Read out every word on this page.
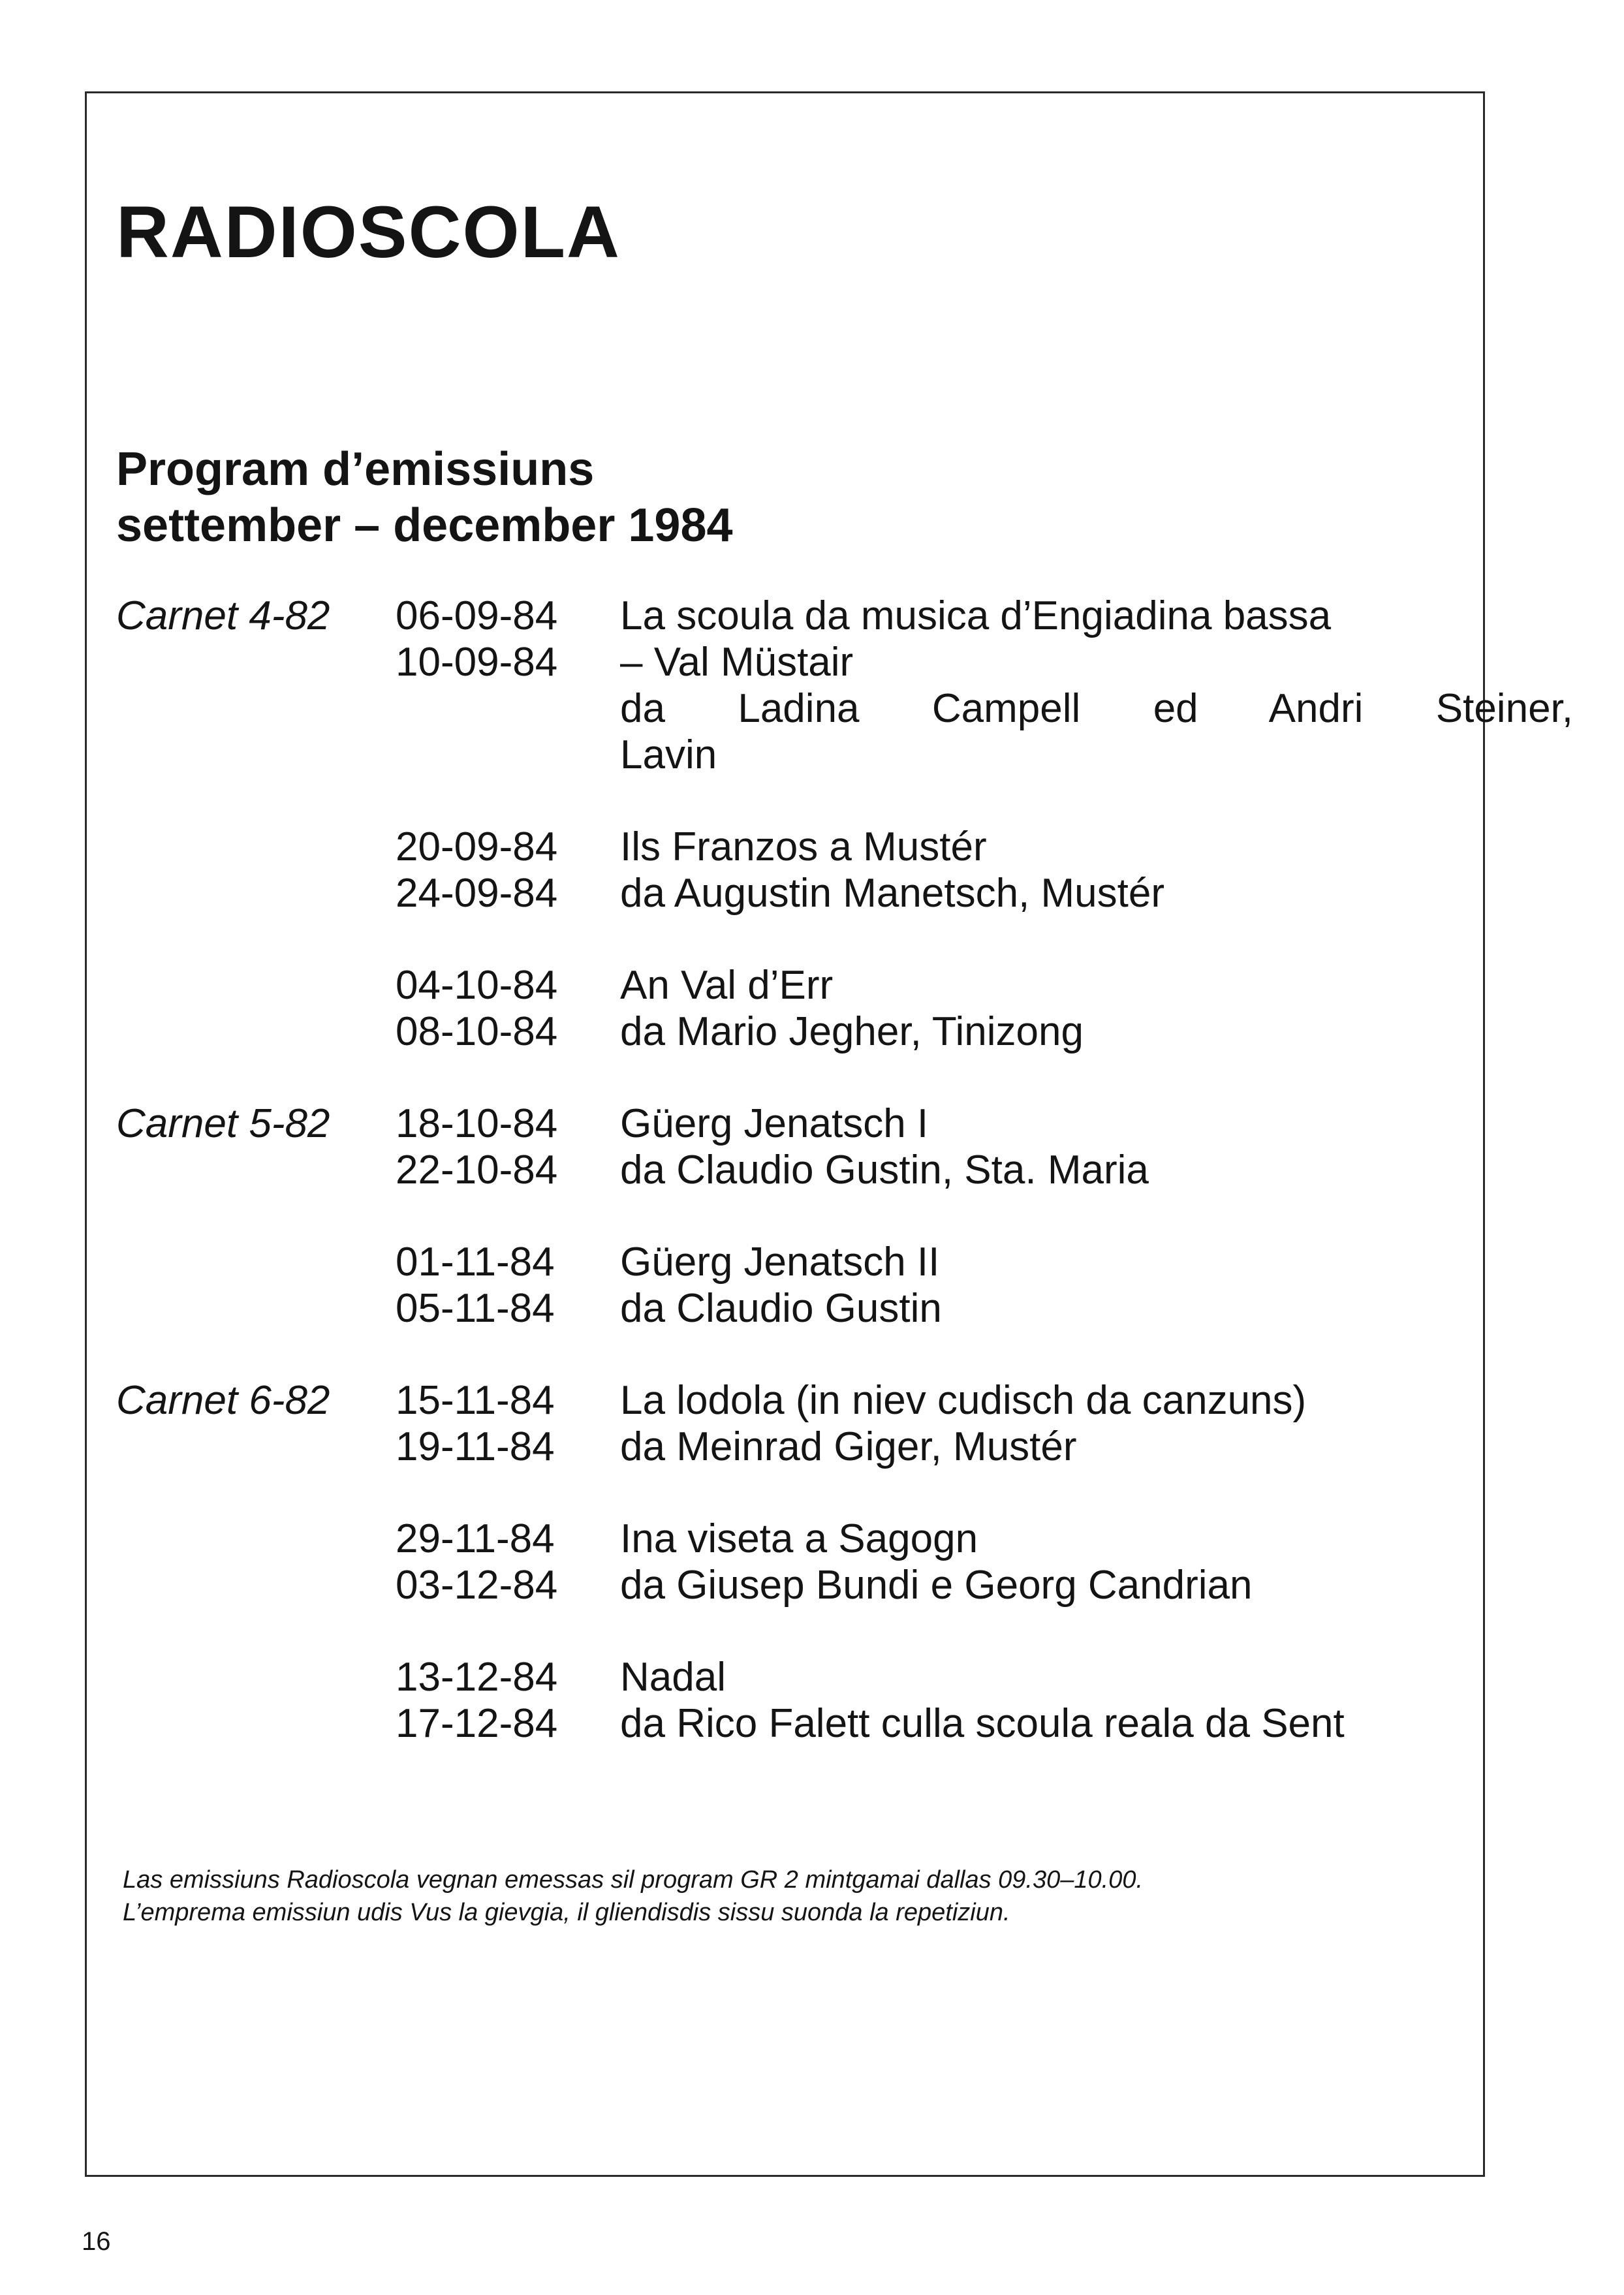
RADIOSCOLA
Program d’emissiuns
settember – december 1984
Carnet 4-82 06-09-84 La scoula da musica d’Engiadina bassa
10-09-84 – Val Müstair
da Ladina Campell ed Andri Steiner,
Lavin
20-09-84 Ils Franzos a Mustér
24-09-84 da Augustin Manetsch, Mustér
04-10-84 An Val d’Err
08-10-84 da Mario Jegher, Tinizong
Carnet 5-82 18-10-84 Güerg Jenatsch I
22-10-84 da Claudio Gustin, Sta. Maria
01-11-84 Güerg Jenatsch II
05-11-84 da Claudio Gustin
Carnet 6-82 15-11-84 La lodola (in niev cudisch da canzuns)
19-11-84 da Meinrad Giger, Mustér
29-11-84 Ina viseta a Sagogn
03-12-84 da Giusep Bundi e Georg Candrian
13-12-84 Nadal
17-12-84 da Rico Falett culla scoula reala da Sent
Las emissiuns Radioscola vegnan emessas sil program GR 2 mintgamai dallas 09.30–10.00.
L’emprema emissiun udis Vus la gievgia, il gliendisdis sissu suonda la repetiziun.
16
